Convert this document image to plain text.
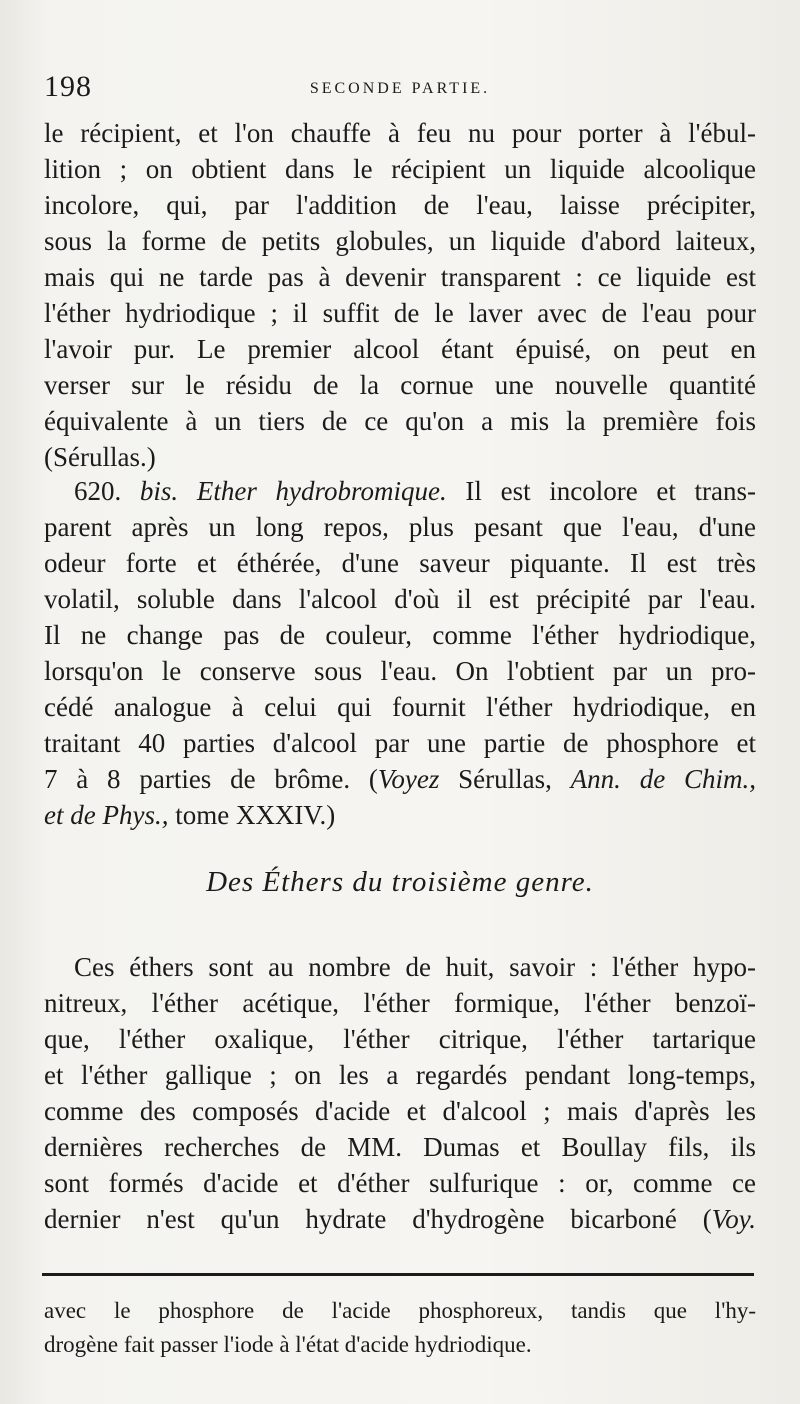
198	SECONDE PARTIE.
le récipient, et l'on chauffe à feu nu pour porter à l'ébul-
lition ; on obtient dans le récipient un liquide alcoolique
incolore, qui, par l'addition de l'eau, laisse précipiter,
sous la forme de petits globules, un liquide d'abord laiteux,
mais qui ne tarde pas à devenir transparent : ce liquide est
l'éther hydriodique ; il suffit de le laver avec de l'eau pour
l'avoir pur. Le premier alcool étant épuisé, on peut en
verser sur le résidu de la cornue une nouvelle quantité
équivalente à un tiers de ce qu'on a mis la première fois
(Sérullas.)
620. bis. Ether hydrobromique. Il est incolore et trans-
parent après un long repos, plus pesant que l'eau, d'une
odeur forte et éthérée, d'une saveur piquante. Il est très
volatil, soluble dans l'alcool d'où il est précipité par l'eau.
Il ne change pas de couleur, comme l'éther hydriodique,
lorsqu'on le conserve sous l'eau. On l'obtient par un pro-
cédé analogue à celui qui fournit l'éther hydriodique, en
traitant 40 parties d'alcool par une partie de phosphore et
7 à 8 parties de brôme. (Voyez Sérullas, Ann. de Chim.,
et de Phys., tome XXXIV.)
Des Éthers du troisième genre.
Ces éthers sont au nombre de huit, savoir : l'éther hypo-
nitreux, l'éther acétique, l'éther formique, l'éther benzoï-
que, l'éther oxalique, l'éther citrique, l'éther tartarique
et l'éther gallique ; on les a regardés pendant long-temps,
comme des composés d'acide et d'alcool ; mais d'après les
dernières recherches de MM. Dumas et Boullay fils, ils
sont formés d'acide et d'éther sulfurique : or, comme ce
dernier n'est qu'un hydrate d'hydrogène bicarboné (Voy.
avec le phosphore de l'acide phosphoreux, tandis que l'hy-
drogène fait passer l'iode à l'état d'acide hydriodique.
